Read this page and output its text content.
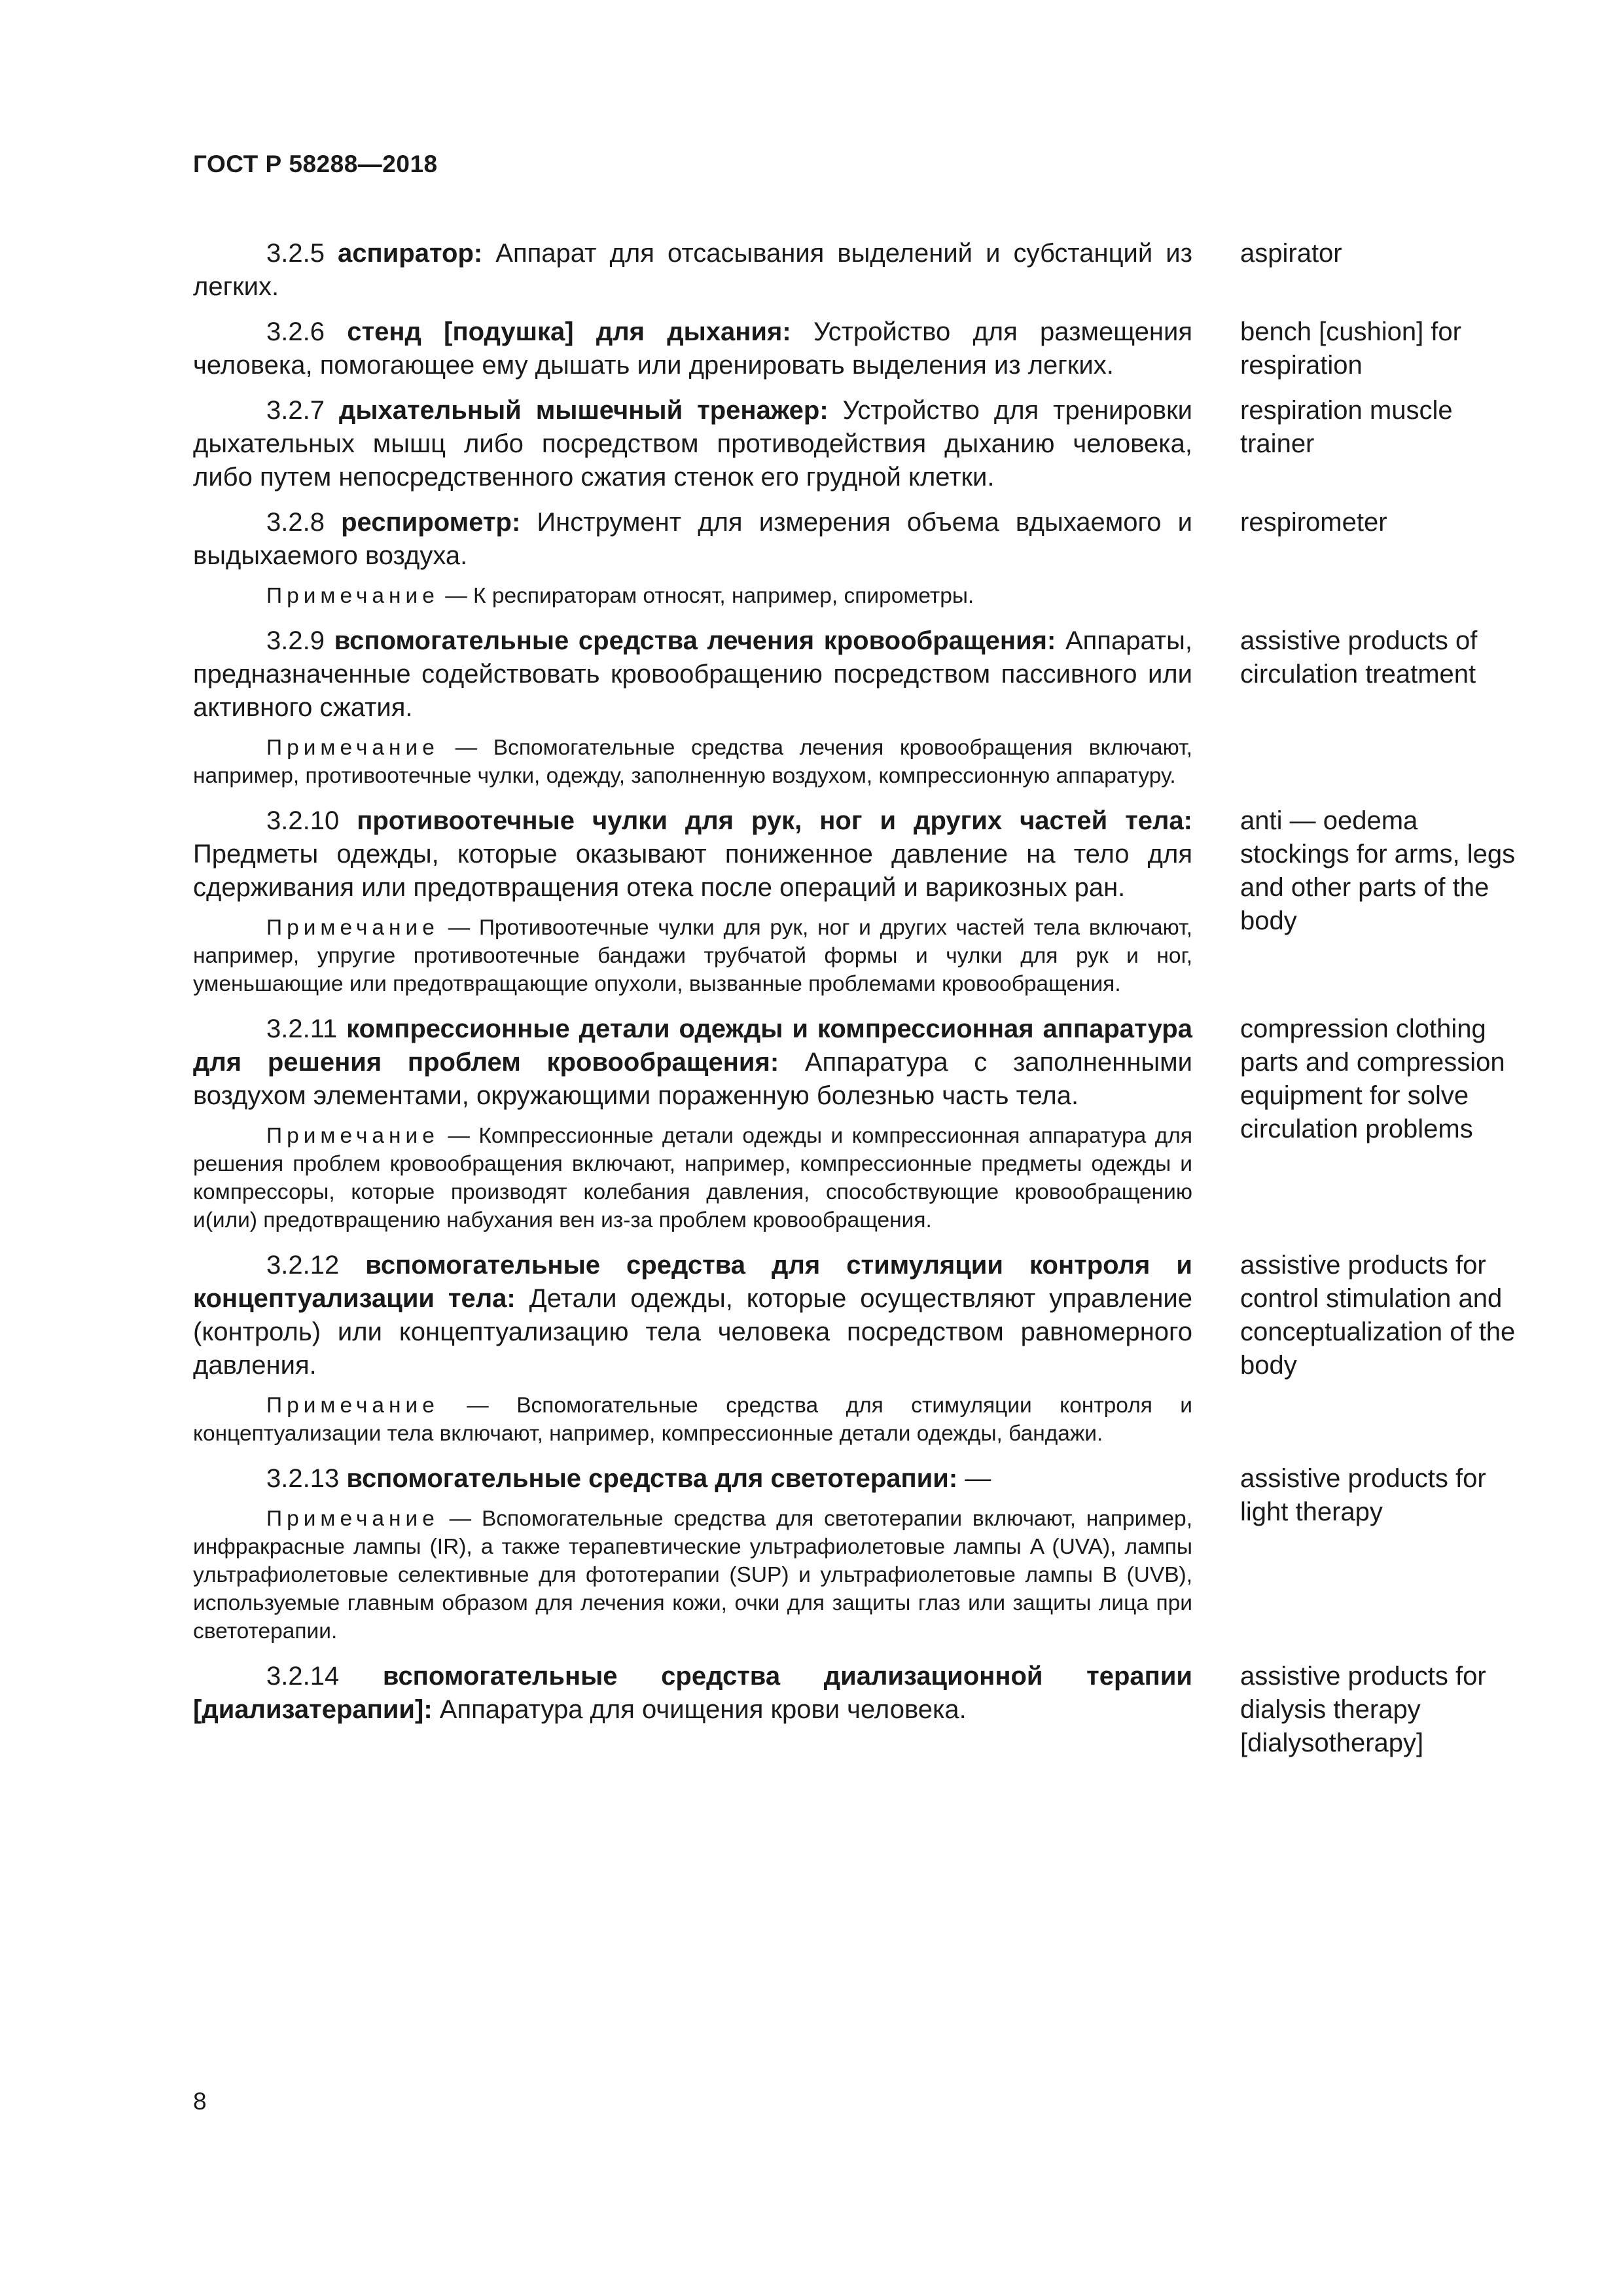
ГОСТ Р 58288—2018

3.2.5 аспиратор: Аппарат для отсасывания выделений и субстанций из легких.

aspirator

3.2.6 стенд [подушка] для дыхания: Устройство для размещения человека, помогающее ему дышать или дренировать выделения из легких.

bench [cushion] for respiration

3.2.7 дыхательный мышечный тренажер: Устройство для тренировки дыхательных мышц либо посредством противодействия дыханию человека, либо путем непосредственного сжатия стенок его грудной клетки.

respiration muscle trainer

3.2.8 респирометр: Инструмент для измерения объема вдыхаемого и выдыхаемого воздуха.

Примечание — К респираторам относят, например, спирометры.

respirometer

3.2.9 вспомогательные средства лечения кровообращения: Аппараты, предназначенные содействовать кровообращению посредством пассивного или активного сжатия.

Примечание — Вспомогательные средства лечения кровообращения включают, например, противоотечные чулки, одежду, заполненную воздухом, компрессионную аппаратуру.

assistive products of circulation treatment

3.2.10 противоотечные чулки для рук, ног и других частей тела: Предметы одежды, которые оказывают пониженное давление на тело для сдерживания или предотвращения отека после операций и варикозных ран.

Примечание — Противоотечные чулки для рук, ног и других частей тела включают, например, упругие противоотечные бандажи трубчатой формы и чулки для рук и ног, уменьшающие или предотвращающие опухоли, вызванные проблемами кровообращения.

anti — oedema stockings for arms, legs and other parts of the body

3.2.11 компрессионные детали одежды и компрессионная аппаратура для решения проблем кровообращения: Аппаратура с заполненными воздухом элементами, окружающими пораженную болезнью часть тела.

Примечание — Компрессионные детали одежды и компрессионная аппаратура для решения проблем кровообращения включают, например, компрессионные предметы одежды и компрессоры, которые производят колебания давления, способствующие кровообращению и(или) предотвращению набухания вен из-за проблем кровообращения.

compression clothing parts and compression equipment for solve circulation problems

3.2.12 вспомогательные средства для стимуляции контроля и концептуализации тела: Детали одежды, которые осуществляют управление (контроль) или концептуализацию тела человека посредством равномерного давления.

Примечание — Вспомогательные средства для стимуляции контроля и концептуализации тела включают, например, компрессионные детали одежды, бандажи.

assistive products for control stimulation and conceptualization of the body

3.2.13 вспомогательные средства для светотерапии: —

Примечание — Вспомогательные средства для светотерапии включают, например, инфракрасные лампы (IR), а также терапевтические ультрафиолетовые лампы A (UVA), лампы ультрафиолетовые селективные для фототерапии (SUP) и ультрафиолетовые лампы B (UVB), используемые главным образом для лечения кожи, очки для защиты глаз или защиты лица при светотерапии.

assistive products for light therapy

3.2.14 вспомогательные средства диализационной терапии [диализатерапии]: Аппаратура для очищения крови человека.

assistive products for dialysis therapy [dialysotherapy]
8
